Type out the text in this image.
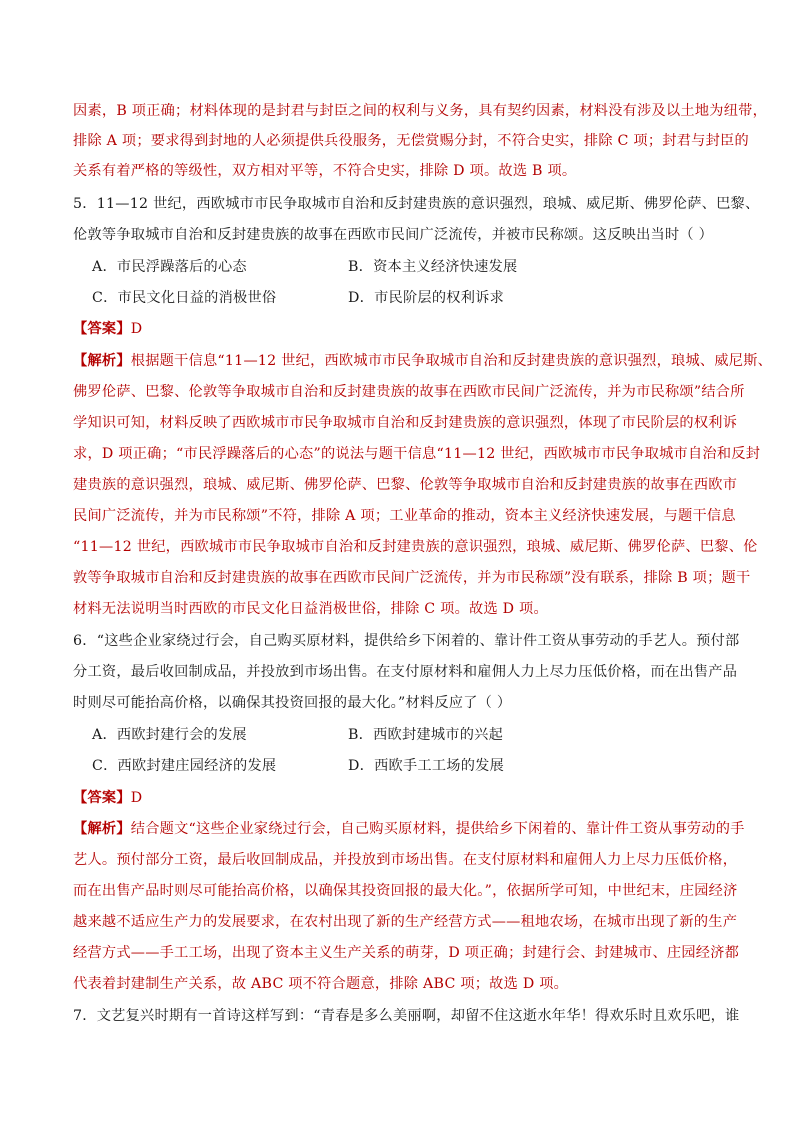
因素，B 项正确；材料体现的是封君与封臣之间的权利与义务，具有契约因素，材料没有涉及以土地为纽带，
排除 A 项；要求得到封地的人必须提供兵役服务，无偿赏赐分封，不符合史实，排除 C 项；封君与封臣的
关系有着严格的等级性，双方相对平等，不符合史实，排除 D 项。故选 B 项。
5．11—12 世纪，西欧城市市民争取城市自治和反封建贵族的意识强烈，琅城、威尼斯、佛罗伦萨、巴黎、
伦敦等争取城市自治和反封建贵族的故事在西欧市民间广泛流传，并被市民称颂。这反映出当时（ ）
A．市民浮躁落后的心态	B．资本主义经济快速发展
C．市民文化日益的消极世俗	D．市民阶层的权利诉求
【答案】D
【解析】根据题干信息“11—12 世纪，西欧城市市民争取城市自治和反封建贵族的意识强烈，琅城、威尼斯、
佛罗伦萨、巴黎、伦敦等争取城市自治和反封建贵族的故事在西欧市民间广泛流传，并为市民称颂”结合所
学知识可知，材料反映了西欧城市市民争取城市自治和反封建贵族的意识强烈，体现了市民阶层的权利诉
求，D 项正确；“市民浮躁落后的心态”的说法与题干信息“11—12 世纪，西欧城市市民争取城市自治和反封
建贵族的意识强烈，琅城、威尼斯、佛罗伦萨、巴黎、伦敦等争取城市自治和反封建贵族的故事在西欧市
民间广泛流传，并为市民称颂”不符，排除 A 项；工业革命的推动，资本主义经济快速发展，与题干信息
“11—12 世纪，西欧城市市民争取城市自治和反封建贵族的意识强烈，琅城、威尼斯、佛罗伦萨、巴黎、伦
敦等争取城市自治和反封建贵族的故事在西欧市民间广泛流传，并为市民称颂”没有联系，排除 B 项；题干
材料无法说明当时西欧的市民文化日益消极世俗，排除 C 项。故选 D 项。
6．“这些企业家绕过行会，自己购买原材料，提供给乡下闲着的、靠计件工资从事劳动的手艺人。预付部
分工资，最后收回制成品，并投放到市场出售。在支付原材料和雇佣人力上尽力压低价格，而在出售产品
时则尽可能抬高价格，以确保其投资回报的最大化。”材料反应了（ ）
A．西欧封建行会的发展	B．西欧封建城市的兴起
C．西欧封建庄园经济的发展	D．西欧手工工场的发展
【答案】D
【解析】结合题文“这些企业家绕过行会，自己购买原材料，提供给乡下闲着的、靠计件工资从事劳动的手
艺人。预付部分工资，最后收回制成品，并投放到市场出售。在支付原材料和雇佣人力上尽力压低价格，
而在出售产品时则尽可能抬高价格，以确保其投资回报的最大化。”，依据所学可知，中世纪末，庄园经济
越来越不适应生产力的发展要求，在农村出现了新的生产经营方式——租地农场，在城市出现了新的生产
经营方式——手工工场，出现了资本主义生产关系的萌芽，D 项正确；封建行会、封建城市、庄园经济都
代表着封建制生产关系，故 ABC 项不符合题意，排除 ABC 项；故选 D 项。
7．文艺复兴时期有一首诗这样写到：“青春是多么美丽啊，却留不住这逝水年华！得欢乐时且欢乐吧，谁
